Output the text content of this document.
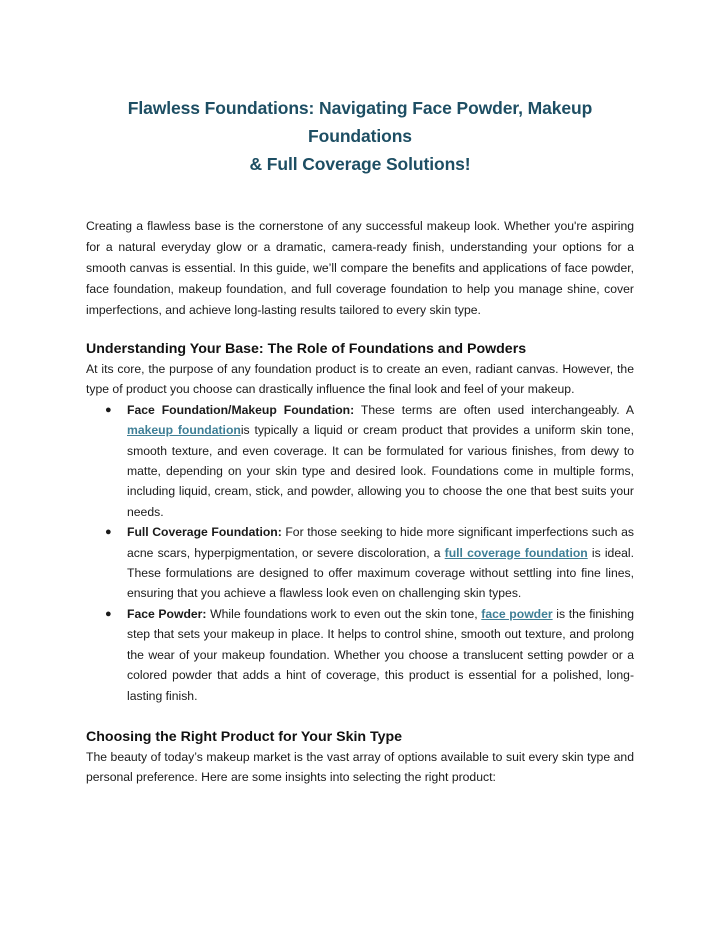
Flawless Foundations: Navigating Face Powder, Makeup Foundations
& Full Coverage Solutions!

Creating a flawless base is the cornerstone of any successful makeup look. Whether you're aspiring for a natural everyday glow or a dramatic, camera-ready finish, understanding your options for a smooth canvas is essential. In this guide, we’ll compare the benefits and applications of face powder, face foundation, makeup foundation, and full coverage foundation to help you manage shine, cover imperfections, and achieve long-lasting results tailored to every skin type.

Understanding Your Base: The Role of Foundations and Powders

At its core, the purpose of any foundation product is to create an even, radiant canvas. However, the type of product you choose can drastically influence the final look and feel of your makeup.

● Face Foundation/Makeup Foundation: These terms are often used interchangeably. A makeup foundationis typically a liquid or cream product that provides a uniform skin tone, smooth texture, and even coverage. It can be formulated for various finishes, from dewy to matte, depending on your skin type and desired look. Foundations come in multiple forms, including liquid, cream, stick, and powder, allowing you to choose the one that best suits your needs.
● Full Coverage Foundation: For those seeking to hide more significant imperfections such as acne scars, hyperpigmentation, or severe discoloration, a full coverage foundation is ideal. These formulations are designed to offer maximum coverage without settling into fine lines, ensuring that you achieve a flawless look even on challenging skin types.
● Face Powder: While foundations work to even out the skin tone, face powder is the finishing step that sets your makeup in place. It helps to control shine, smooth out texture, and prolong the wear of your makeup foundation. Whether you choose a translucent setting powder or a colored powder that adds a hint of coverage, this product is essential for a polished, long-lasting finish.
Choosing the Right Product for Your Skin Type

The beauty of today’s makeup market is the vast array of options available to suit every skin type and personal preference. Here are some insights into selecting the right product:
